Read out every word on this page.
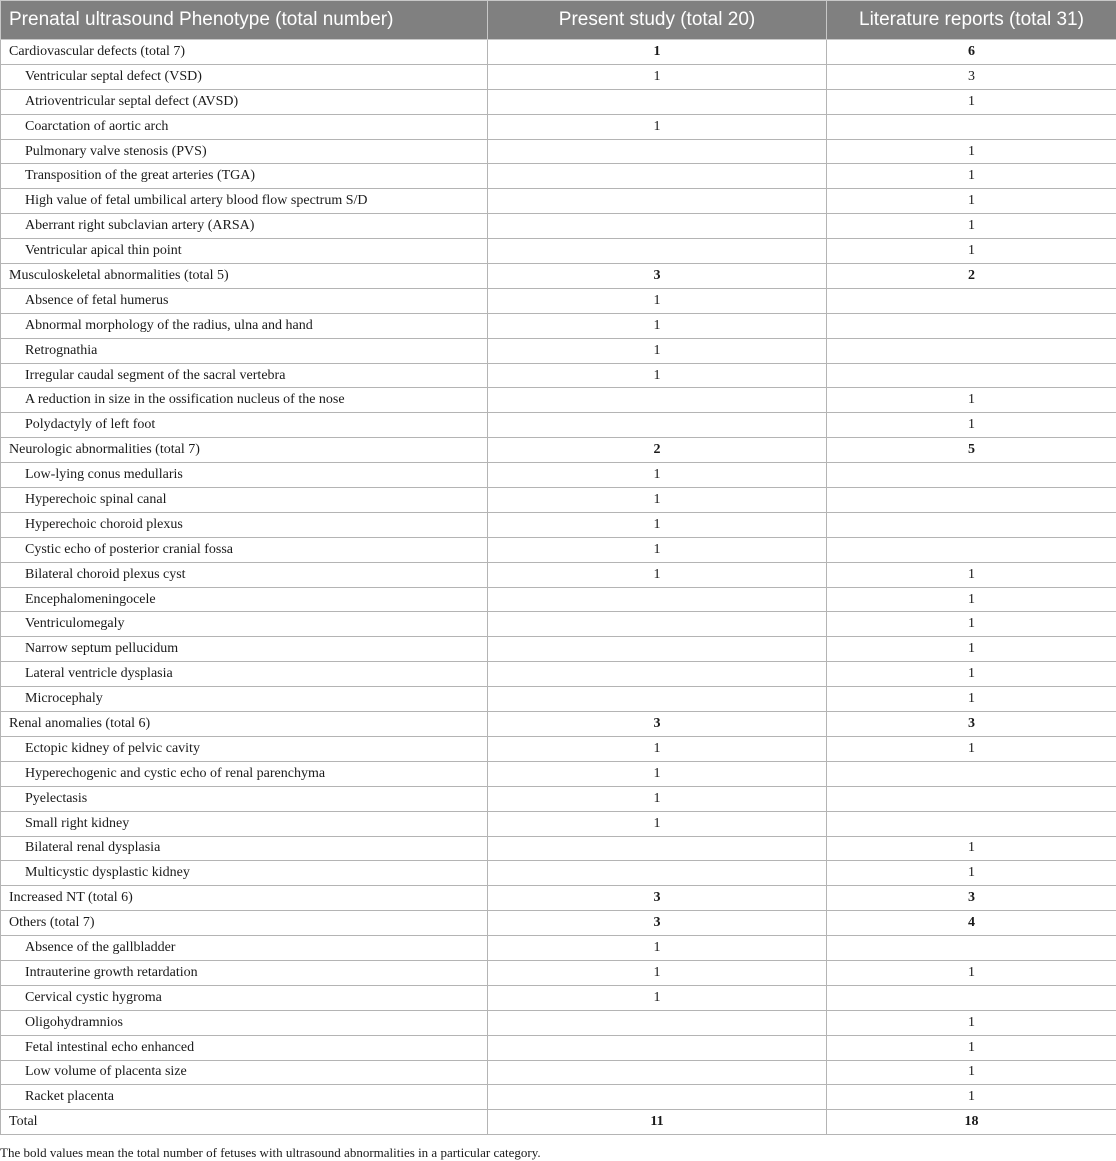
Prenatal ultrasound Phenotype (total number)	Present study (total 20)	Literature reports (total 31)
Cardiovascular defects (total 7)	1	6
Ventricular septal defect (VSD)	1	3
Atrioventricular septal defect (AVSD)		1
Coarctation of aortic arch	1	
Pulmonary valve stenosis (PVS)		1
Transposition of the great arteries (TGA)		1
High value of fetal umbilical artery blood flow spectrum S/D		1
Aberrant right subclavian artery (ARSA)		1
Ventricular apical thin point		1
Musculoskeletal abnormalities (total 5)	3	2
Absence of fetal humerus	1	
Abnormal morphology of the radius, ulna and hand	1	
Retrognathia	1	
Irregular caudal segment of the sacral vertebra	1	
A reduction in size in the ossification nucleus of the nose		1
Polydactyly of left foot		1
Neurologic abnormalities (total 7)	2	5
Low-lying conus medullaris	1	
Hyperechoic spinal canal	1	
Hyperechoic choroid plexus	1	
Cystic echo of posterior cranial fossa	1	
Bilateral choroid plexus cyst	1	1
Encephalomeningocele		1
Ventriculomegaly		1
Narrow septum pellucidum		1
Lateral ventricle dysplasia		1
Microcephaly		1
Renal anomalies (total 6)	3	3
Ectopic kidney of pelvic cavity	1	1
Hyperechogenic and cystic echo of renal parenchyma	1	
Pyelectasis	1	
Small right kidney	1	
Bilateral renal dysplasia		1
Multicystic dysplastic kidney		1
Increased NT (total 6)	3	3
Others (total 7)	3	4
Absence of the gallbladder	1	
Intrauterine growth retardation	1	1
Cervical cystic hygroma	1	
Oligohydramnios		1
Fetal intestinal echo enhanced		1
Low volume of placenta size		1
Racket placenta		1
Total	11	18
The bold values mean the total number of fetuses with ultrasound abnormalities in a particular category.
